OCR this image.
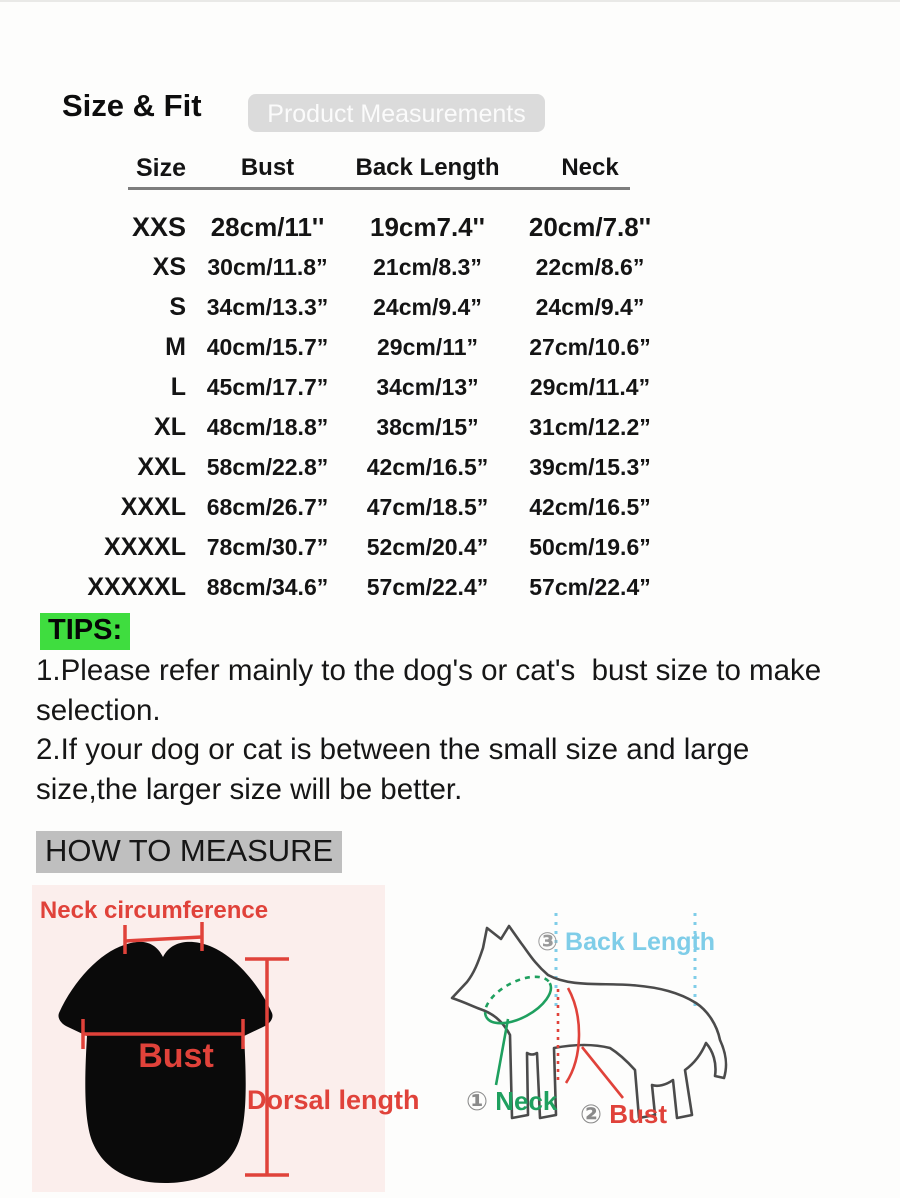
Size & Fit	Product Measurements
Size	Bust	Back Length	Neck
XXS 28cm/11''	19cm7.4''	20cm/7.8''
XS 30cm/11.8”	21cm/8.3”	22cm/8.6”
S 34cm/13.3”	24cm/9.4”	24cm/9.4”
M 40cm/15.7”	29cm/11”	27cm/10.6”
L 45cm/17.7”	34cm/13”	29cm/11.4”
XL 48cm/18.8”	38cm/15”	31cm/12.2”
XXL 58cm/22.8”	42cm/16.5”	39cm/15.3”
XXXL 68cm/26.7”	47cm/18.5”	42cm/16.5”
XXXXL 78cm/30.7”	52cm/20.4”	50cm/19.6”
XXXXXL 88cm/34.6”	57cm/22.4”	57cm/22.4”
TIPS:

1.Please refer mainly to the dog's or cat's  bust size to make selection.

2.If your dog or cat is between the small size and large size,the larger size will be better.

HOW TO MEASURE
Neck circumference
Bust
Dorsal length ① Neck ② Bust
③ Back Length
